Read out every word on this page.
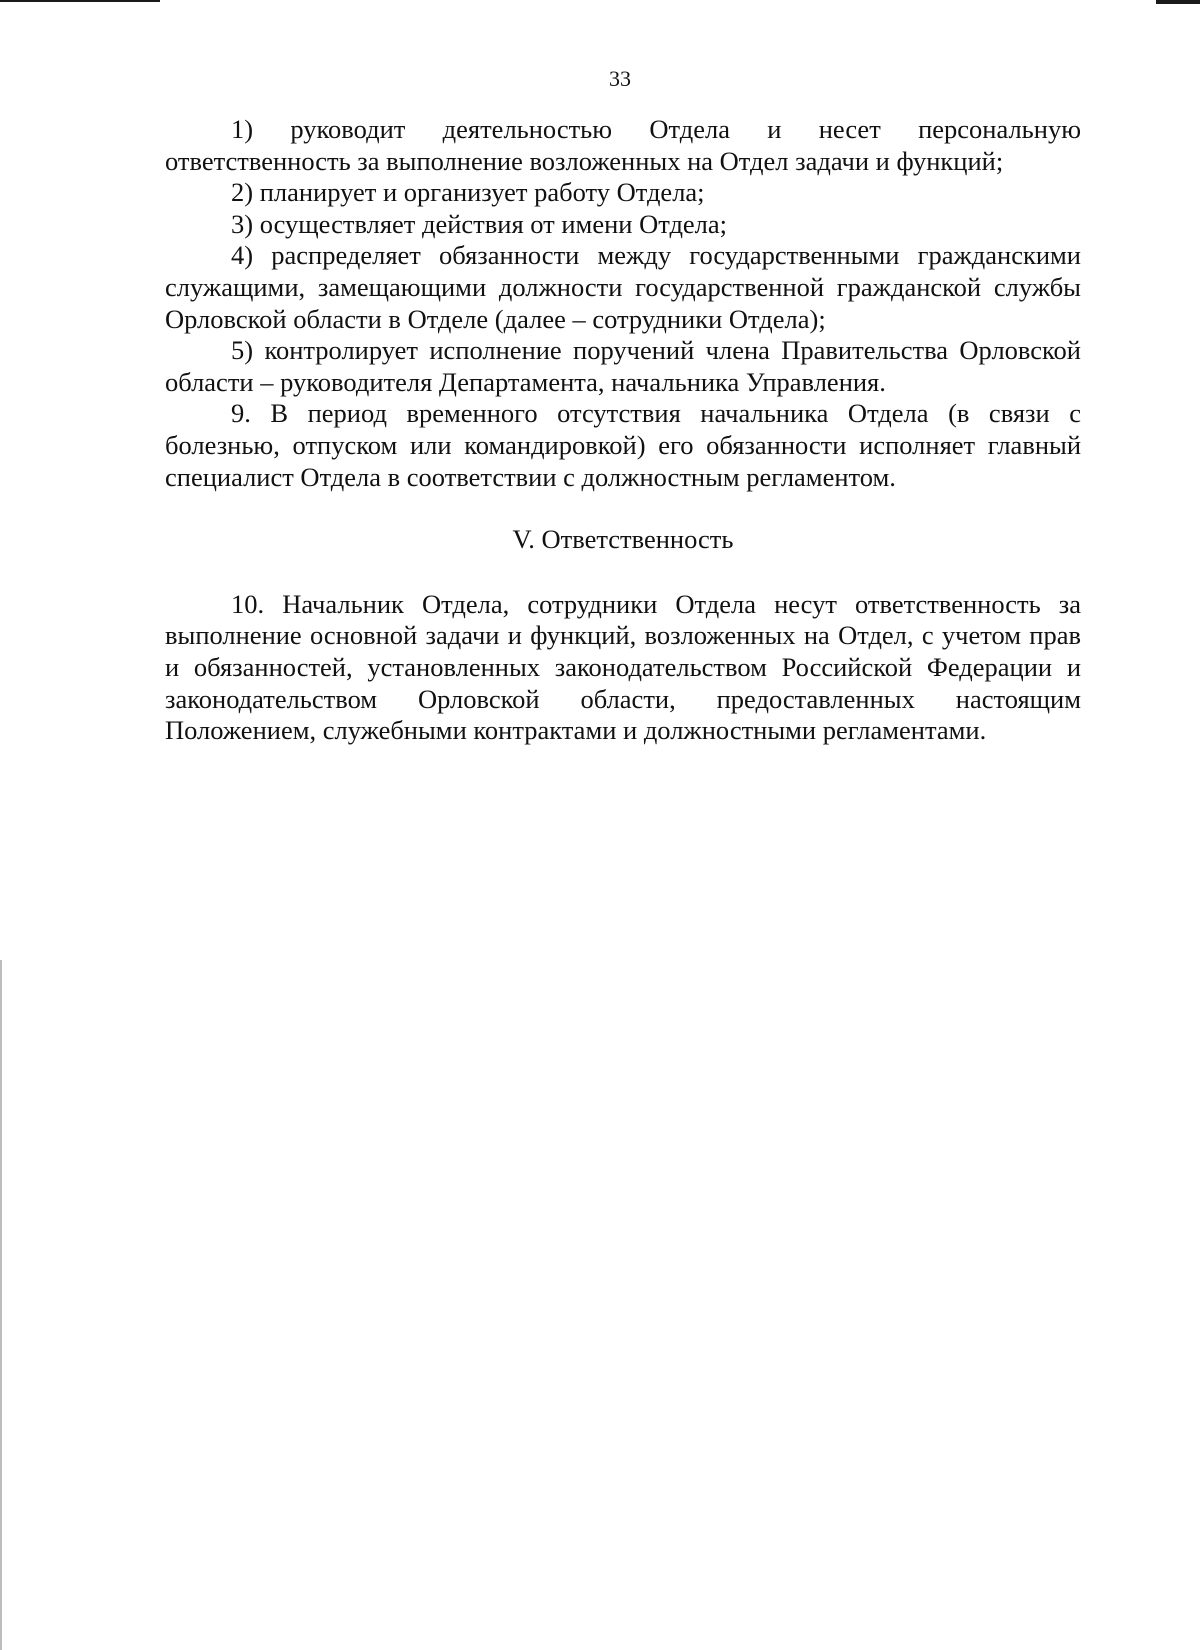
33

1) руководит деятельностью Отдела и несет персональную ответственность за выполнение возложенных на Отдел задачи и функций;

2) планирует и организует работу Отдела;

3) осуществляет действия от имени Отдела;

4) распределяет обязанности между государственными гражданскими служащими, замещающими должности государственной гражданской службы Орловской области в Отделе (далее – сотрудники Отдела);

5) контролирует исполнение поручений члена Правительства Орловской области – руководителя Департамента, начальника Управления.

9. В период временного отсутствия начальника Отдела (в связи с болезнью, отпуском или командировкой) его обязанности исполняет главный специалист Отдела в соответствии с должностным регламентом.

V. Ответственность

10. Начальник Отдела, сотрудники Отдела несут ответственность за выполнение основной задачи и функций, возложенных на Отдел, с учетом прав и обязанностей, установленных законодательством Российской Федерации и законодательством Орловской области, предоставленных настоящим Положением, служебными контрактами и должностными регламентами.
